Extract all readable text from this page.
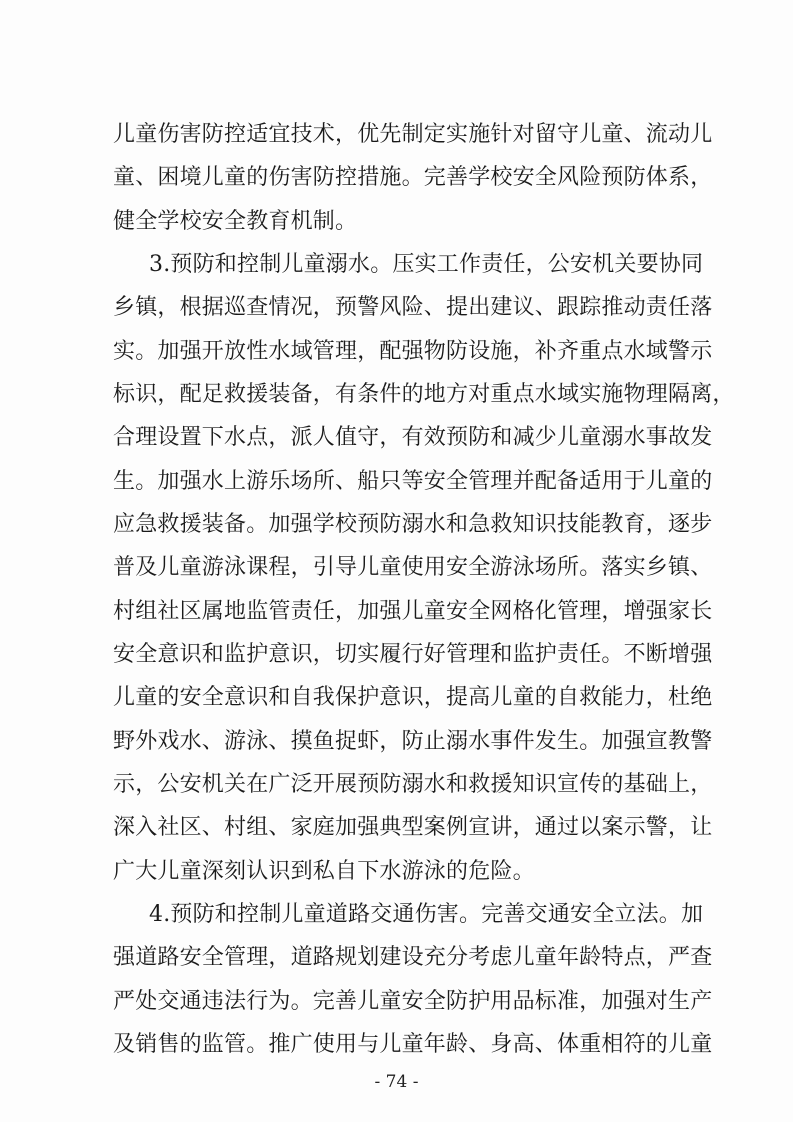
儿童伤害防控适宜技术，优先制定实施针对留守儿童、流动儿
童、困境儿童的伤害防控措施。完善学校安全风险预防体系，
健全学校安全教育机制。
3.预防和控制儿童溺水。压实工作责任，公安机关要协同
乡镇，根据巡查情况，预警风险、提出建议、跟踪推动责任落
实。加强开放性水域管理，配强物防设施，补齐重点水域警示
标识，配足救援装备，有条件的地方对重点水域实施物理隔离，
合理设置下水点，派人值守，有效预防和减少儿童溺水事故发
生。加强水上游乐场所、船只等安全管理并配备适用于儿童的
应急救援装备。加强学校预防溺水和急救知识技能教育，逐步
普及儿童游泳课程，引导儿童使用安全游泳场所。落实乡镇、
村组社区属地监管责任，加强儿童安全网格化管理，增强家长
安全意识和监护意识，切实履行好管理和监护责任。不断增强
儿童的安全意识和自我保护意识，提高儿童的自救能力，杜绝
野外戏水、游泳、摸鱼捉虾，防止溺水事件发生。加强宣教警
示，公安机关在广泛开展预防溺水和救援知识宣传的基础上，
深入社区、村组、家庭加强典型案例宣讲，通过以案示警，让
广大儿童深刻认识到私自下水游泳的危险。
4.预防和控制儿童道路交通伤害。完善交通安全立法。加
强道路安全管理，道路规划建设充分考虑儿童年龄特点，严查
严处交通违法行为。完善儿童安全防护用品标准，加强对生产
及销售的监管。推广使用与儿童年龄、身高、体重相符的儿童
- 74 -
